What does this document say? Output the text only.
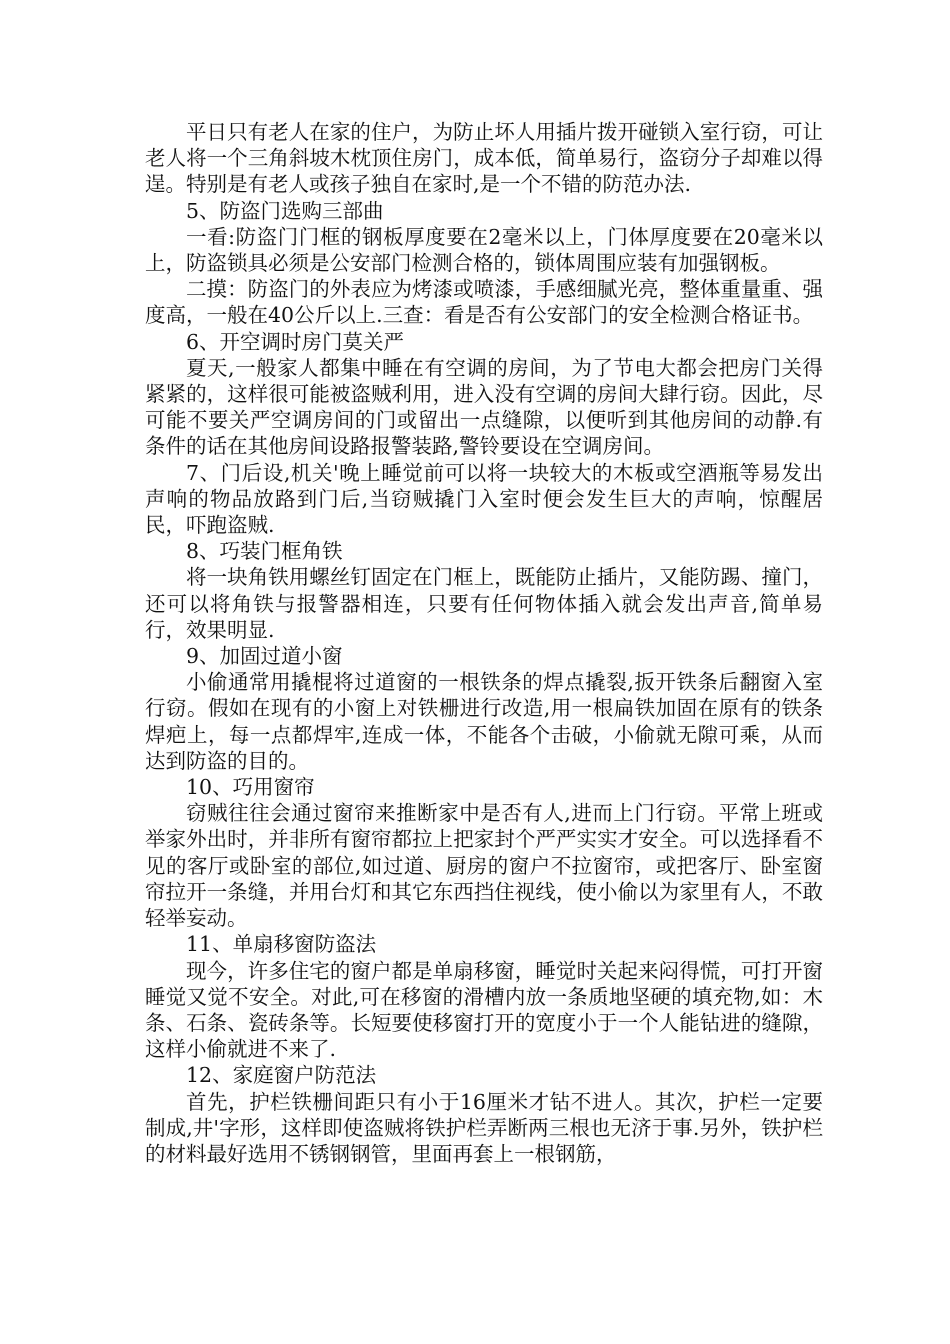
平日只有老人在家的住户，为防止坏人用插片拨开碰锁入室行窃，可让老人将一个三角斜坡木枕顶住房门，成本低，简单易行，盗窃分子却难以得逞。特别是有老人或孩子独自在家时,是一个不错的防范办法.

5、防盗门选购三部曲

一看:防盗门门框的钢板厚度要在2毫米以上，门体厚度要在20毫米以上，防盗锁具必须是公安部门检测合格的，锁体周围应装有加强钢板。

二摸：防盗门的外表应为烤漆或喷漆，手感细腻光亮，整体重量重、强度高，一般在40公斤以上.三查：看是否有公安部门的安全检测合格证书。

6、开空调时房门莫关严

夏天,一般家人都集中睡在有空调的房间，为了节电大都会把房门关得紧紧的，这样很可能被盗贼利用，进入没有空调的房间大肆行窃。因此，尽可能不要关严空调房间的门或留出一点缝隙，以便听到其他房间的动静.有条件的话在其他房间设路报警装路,警铃要设在空调房间。

7、门后设,机关'晚上睡觉前可以将一块较大的木板或空酒瓶等易发出声响的物品放路到门后,当窃贼撬门入室时便会发生巨大的声响，惊醒居民，吓跑盗贼.

8、巧装门框角铁

将一块角铁用螺丝钉固定在门框上，既能防止插片，又能防踢、撞门，还可以将角铁与报警器相连，只要有任何物体插入就会发出声音,简单易行，效果明显.

9、加固过道小窗

小偷通常用撬棍将过道窗的一根铁条的焊点撬裂,扳开铁条后翻窗入室行窃。假如在现有的小窗上对铁栅进行改造,用一根扁铁加固在原有的铁条焊疤上，每一点都焊牢,连成一体，不能各个击破，小偷就无隙可乘，从而达到防盗的目的。

10、巧用窗帘

窃贼往往会通过窗帘来推断家中是否有人,进而上门行窃。平常上班或举家外出时，并非所有窗帘都拉上把家封个严严实实才安全。可以选择看不见的客厅或卧室的部位,如过道、厨房的窗户不拉窗帘，或把客厅、卧室窗帘拉开一条缝，并用台灯和其它东西挡住视线，使小偷以为家里有人，不敢轻举妄动。

11、单扇移窗防盗法

现今，许多住宅的窗户都是单扇移窗，睡觉时关起来闷得慌，可打开窗睡觉又觉不安全。对此,可在移窗的滑槽内放一条质地坚硬的填充物,如：木条、石条、瓷砖条等。长短要使移窗打开的宽度小于一个人能钻进的缝隙，这样小偷就进不来了.

12、家庭窗户防范法

首先，护栏铁栅间距只有小于16厘米才钻不进人。其次，护栏一定要制成,井'字形，这样即使盗贼将铁护栏弄断两三根也无济于事.另外，铁护栏的材料最好选用不锈钢钢管，里面再套上一根钢筋，
